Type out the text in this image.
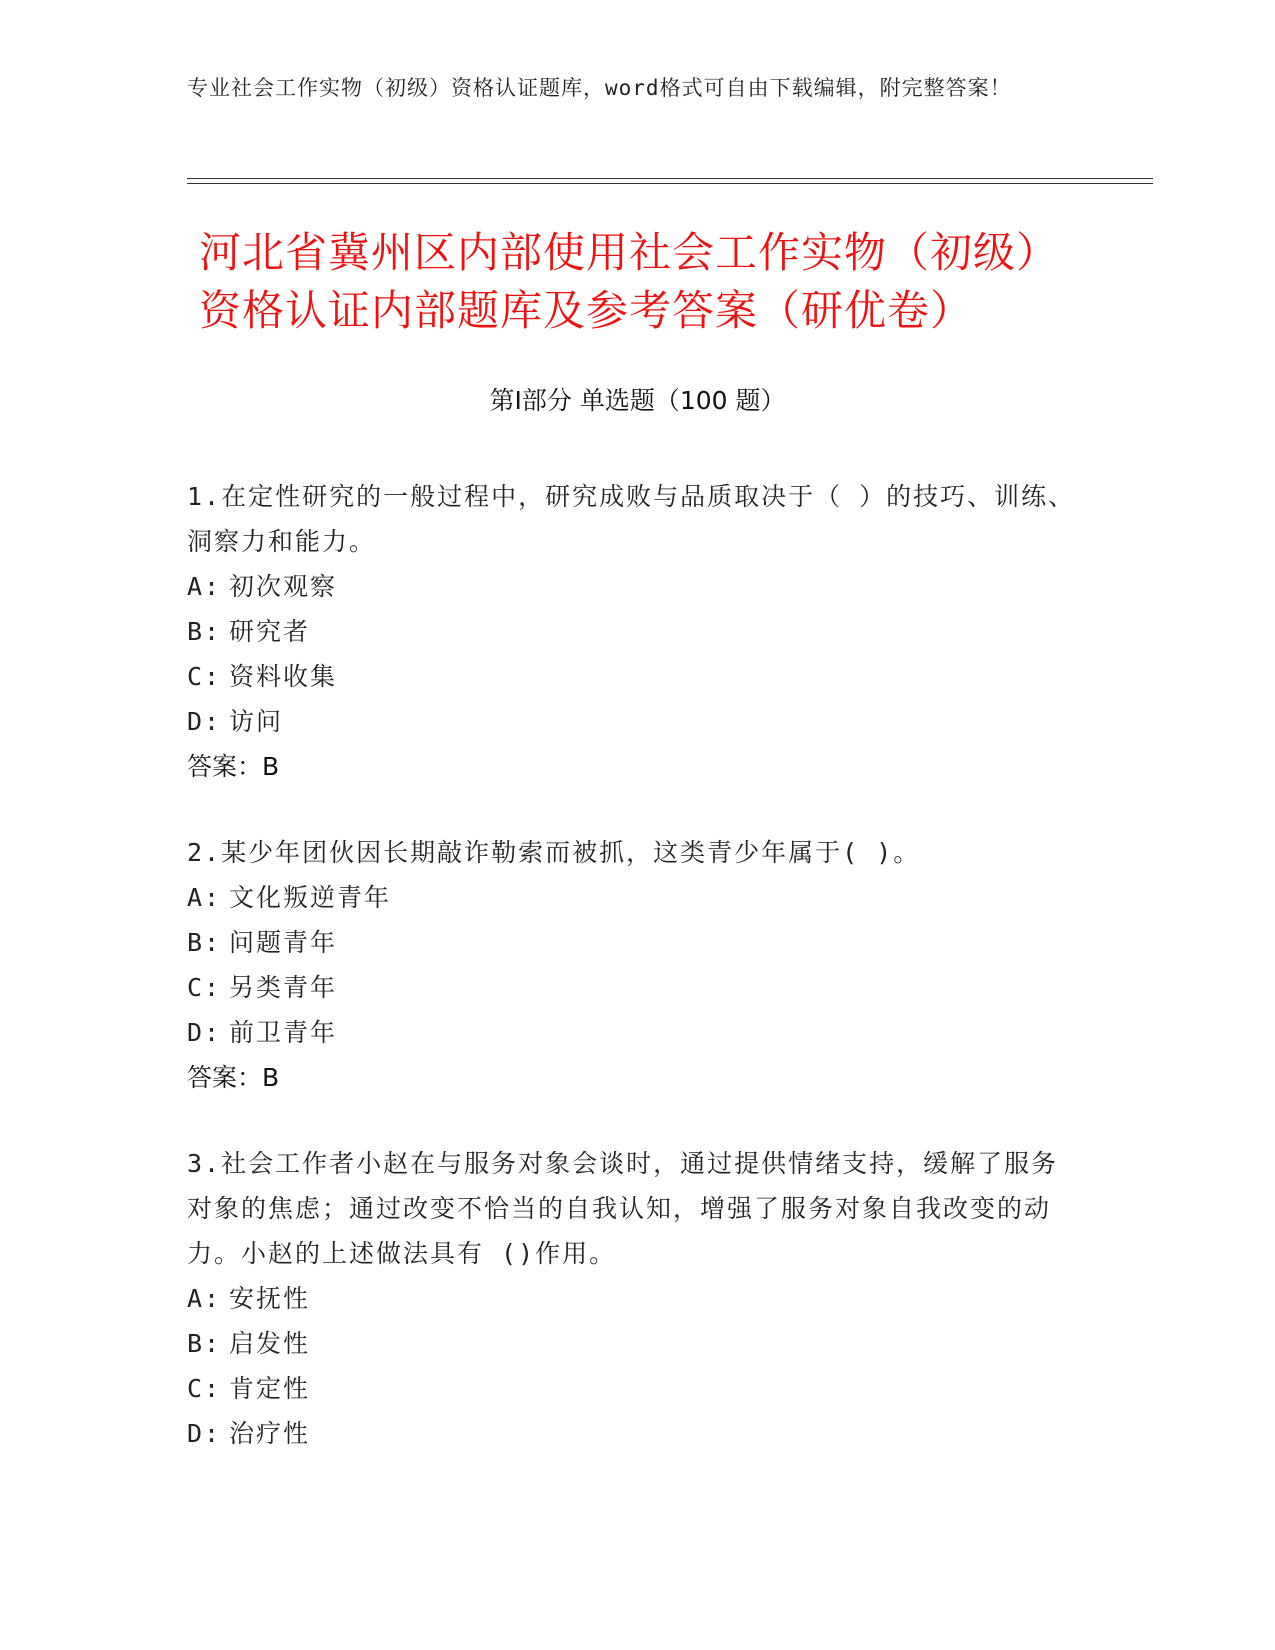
专业社会工作实物（初级）资格认证题库，word格式可自由下载编辑，附完整答案！
河北省冀州区内部使用社会工作实物（初级）资格认证内部题库及参考答案（研优卷）
第Ⅰ部分 单选题（100 题）
1.在定性研究的一般过程中，研究成败与品质取决于（ ）的技巧、训练、洞察力和能力。
A: 初次观察
B: 研究者
C: 资料收集
D: 访问
答案：B
2.某少年团伙因长期敲诈勒索而被抓，这类青少年属于( )。
A: 文化叛逆青年
B: 问题青年
C: 另类青年
D: 前卫青年
答案：B
3.社会工作者小赵在与服务对象会谈时，通过提供情绪支持，缓解了服务对象的焦虑；通过改变不恰当的自我认知，增强了服务对象自我改变的动力。小赵的上述做法具有 ()作用。
A: 安抚性
B: 启发性
C: 肯定性
D: 治疗性
